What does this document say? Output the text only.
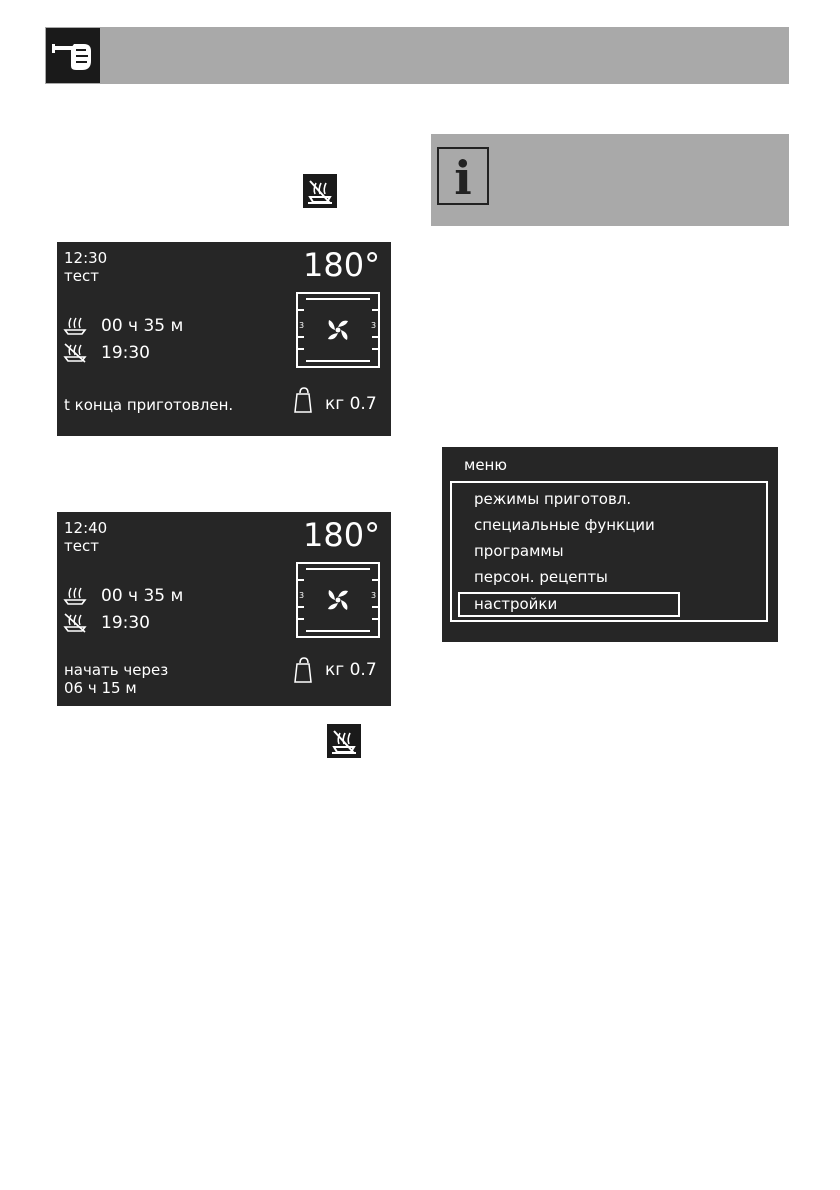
i
12:30
тест	180°
3	3
00 ч 35 м
19:30
t конца приготовлен.	кг 0.7
12:40
тест	180°
3	3
00 ч 35 м
19:30
начать через
06 ч 15 м
кг 0.7
меню
режимы приготовл.
специальные функции
программы
персон. рецепты
настройки
